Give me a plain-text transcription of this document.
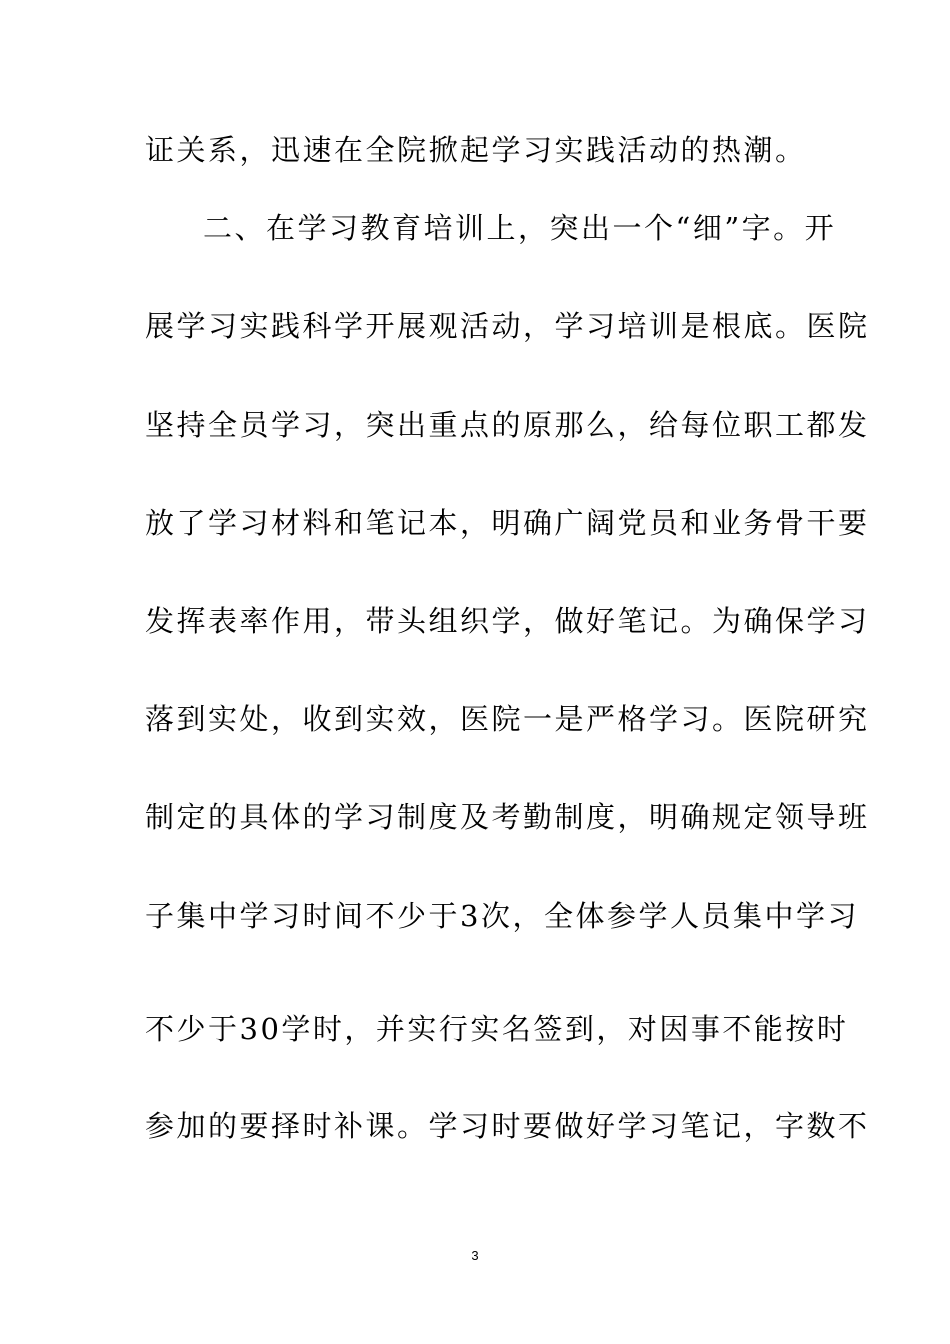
证关系，迅速在全院掀起学习实践活动的热潮。
二、在学习教育培训上，突出一个“细”字。开
展学习实践科学开展观活动，学习培训是根底。医院
坚持全员学习，突出重点的原那么，给每位职工都发
放了学习材料和笔记本，明确广阔党员和业务骨干要
发挥表率作用，带头组织学，做好笔记。为确保学习
落到实处，收到实效，医院一是严格学习。医院研究
制定的具体的学习制度及考勤制度，明确规定领导班
子集中学习时间不少于3次，全体参学人员集中学习
不少于30学时，并实行实名签到，对因事不能按时
参加的要择时补课。学习时要做好学习笔记，字数不
3
